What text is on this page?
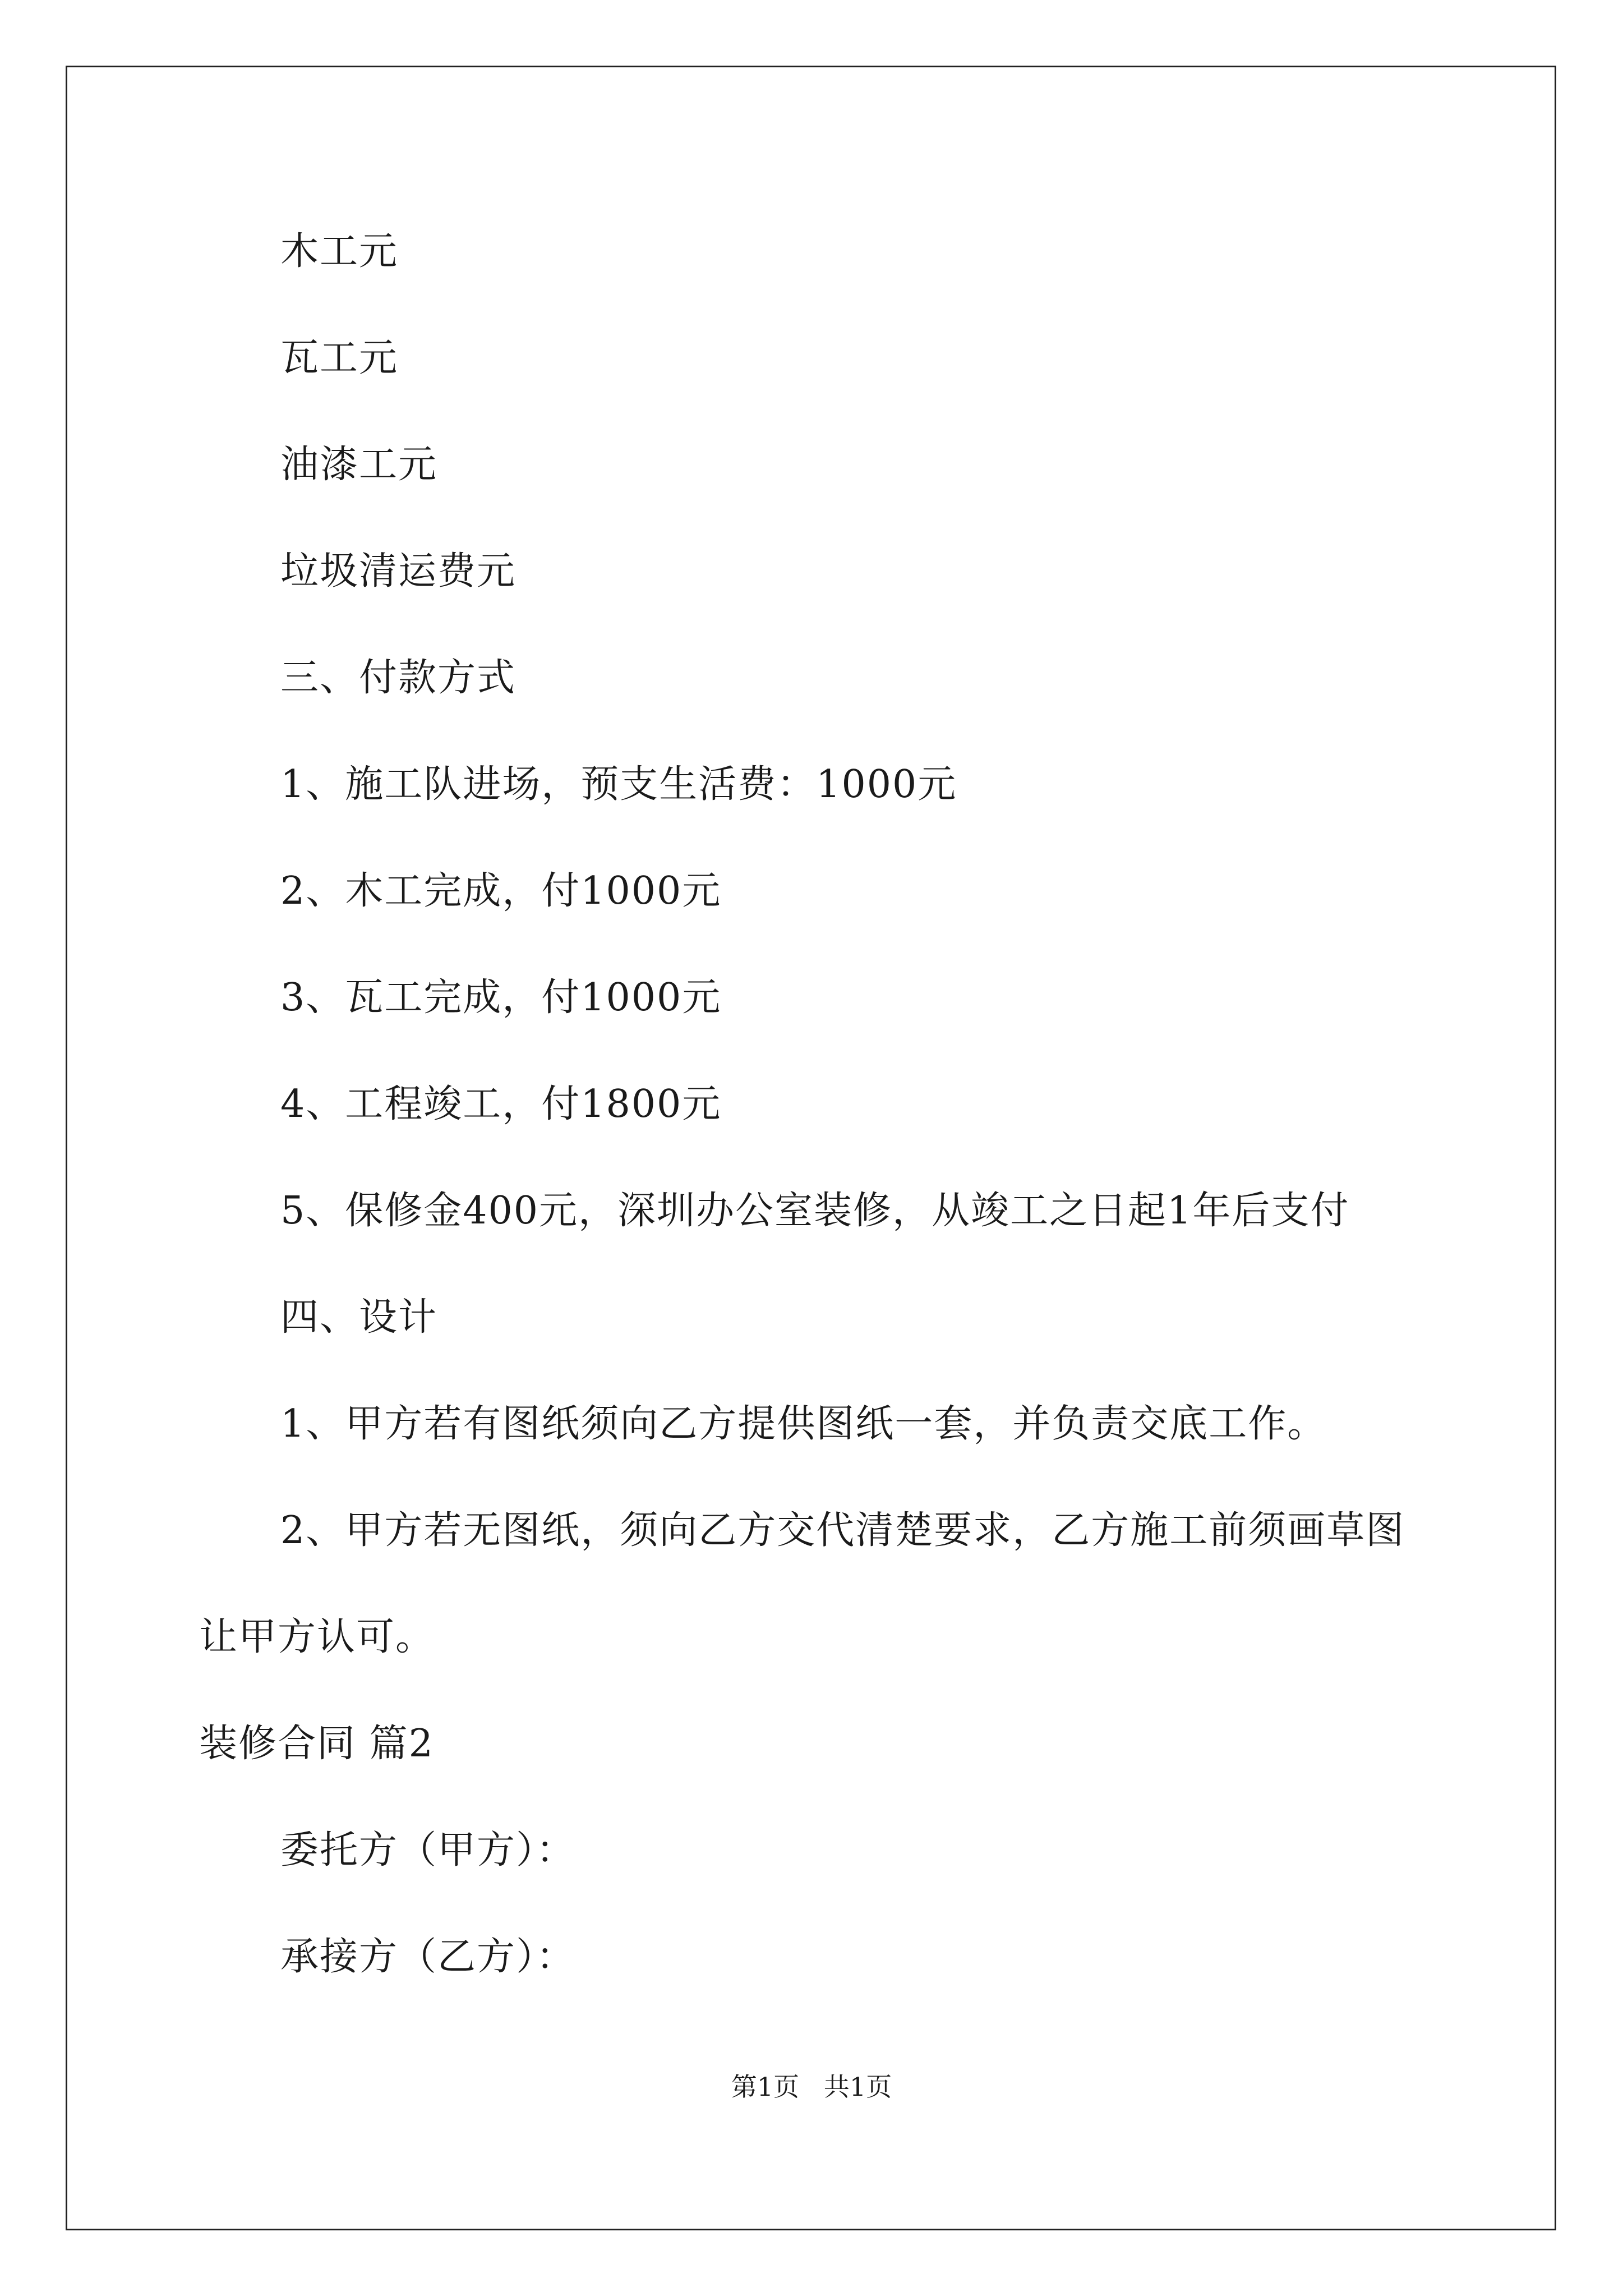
木工元
瓦工元
油漆工元
垃圾清运费元
三、付款方式
1、施工队进场，预支生活费：1000元
2、木工完成，付1000元
3、瓦工完成，付1000元
4、工程竣工，付1800元
5、保修金400元，深圳办公室装修，从竣工之日起1年后支付
四、设计
1、甲方若有图纸须向乙方提供图纸一套，并负责交底工作。
2、甲方若无图纸，须向乙方交代清楚要求，乙方施工前须画草图
让甲方认可。
装修合同 篇2
委托方（甲方）：
承接方（乙方）：
第1页   共1页
